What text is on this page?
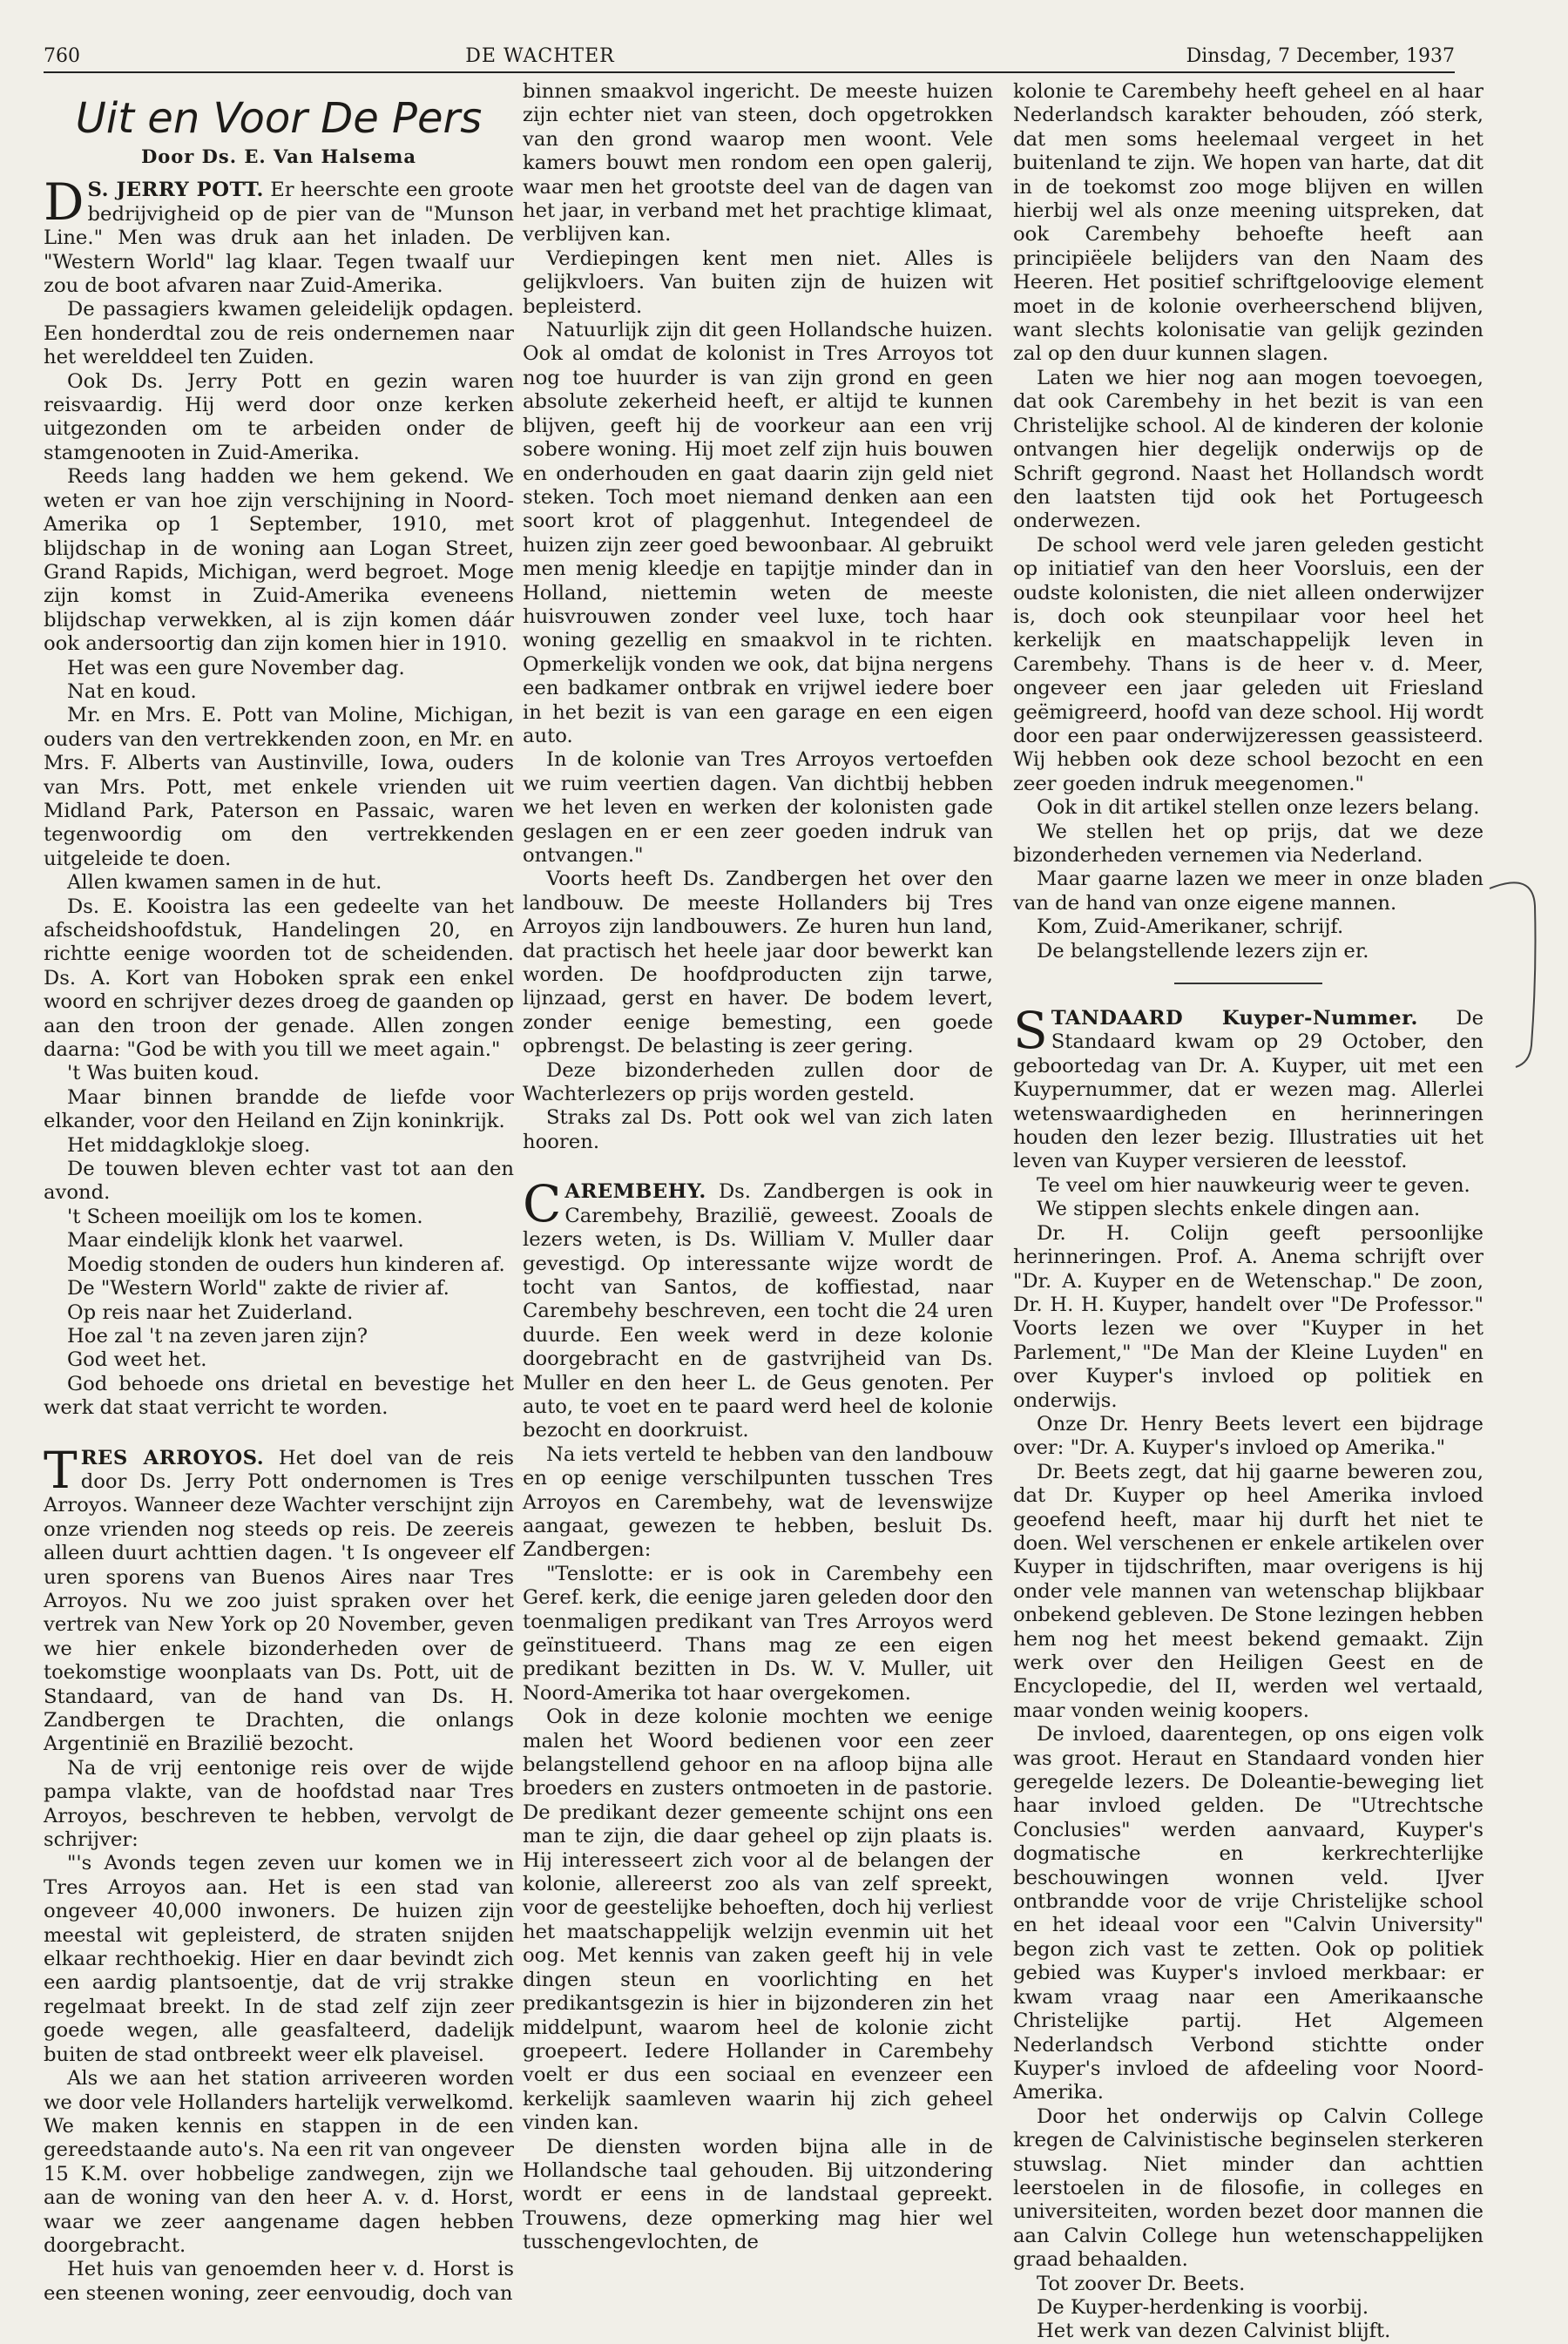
760	DE WACHTER	Dinsdag, 7 December, 1937
Uit en Voor De Pers
Door Ds. E. Van Halsema

D S. JERRY POTT. Er heerschte een groote bedrijvigheid op de pier van de "Munson Line." Men was druk aan het inladen. De "Western World" lag klaar. Tegen twaalf uur zou de boot afvaren naar Zuid-Amerika.

De passagiers kwamen geleidelijk opdagen. Een honderdtal zou de reis ondernemen naar het werelddeel ten Zuiden.

Ook Ds. Jerry Pott en gezin waren reisvaardig. Hij werd door onze kerken uitgezonden om te arbeiden onder de stamgenooten in Zuid-Amerika.

Reeds lang hadden we hem gekend. We weten er van hoe zijn verschijning in Noord-Amerika op 1 September, 1910, met blijdschap in de woning aan Logan Street, Grand Rapids, Michigan, werd begroet. Moge zijn komst in Zuid-Amerika eveneens blijdschap verwekken, al is zijn komen dáár ook andersoortig dan zijn komen hier in 1910.

Het was een gure November dag.

Nat en koud.

Mr. en Mrs. E. Pott van Moline, Michigan, ouders van den vertrekkenden zoon, en Mr. en Mrs. F. Alberts van Austinville, Iowa, ouders van Mrs. Pott, met enkele vrienden uit Midland Park, Paterson en Passaic, waren tegenwoordig om den vertrekkenden uitgeleide te doen.

Allen kwamen samen in de hut.

Ds. E. Kooistra las een gedeelte van het afscheidshoofdstuk, Handelingen 20, en richtte eenige woorden tot de scheidenden. Ds. A. Kort van Hoboken sprak een enkel woord en schrijver dezes droeg de gaanden op aan den troon der genade. Allen zongen daarna: "God be with you till we meet again."

't Was buiten koud.

Maar binnen brandde de liefde voor elkander, voor den Heiland en Zijn koninkrijk.

Het middagklokje sloeg.

De touwen bleven echter vast tot aan den avond.

't Scheen moeilijk om los te komen.

Maar eindelijk klonk het vaarwel.

Moedig stonden de ouders hun kinderen af.

De "Western World" zakte de rivier af.

Op reis naar het Zuiderland.

Hoe zal 't na zeven jaren zijn?

God weet het.

God behoede ons drietal en bevestige het werk dat staat verricht te worden.

TRES ARROYOS. Het doel van de reis door Ds. Jerry Pott ondernomen is Tres Arroyos. Wanneer deze Wachter verschijnt zijn onze vrienden nog steeds op reis. De zeereis alleen duurt achttien dagen. 't Is ongeveer elf uren sporens van Buenos Aires naar Tres Arroyos. Nu we zoo juist spraken over het vertrek van New York op 20 November, geven we hier enkele bizonderheden over de toekomstige woonplaats van Ds. Pott, uit de Standaard, van de hand van Ds. H. Zandbergen te Drachten, die onlangs Argentinië en Brazilië bezocht.

Na de vrij eentonige reis over de wijde pampa vlakte, van de hoofdstad naar Tres Arroyos, beschreven te hebben, vervolgt de schrijver:

"'s Avonds tegen zeven uur komen we in Tres Arroyos aan. Het is een stad van ongeveer 40,000 inwoners. De huizen zijn meestal wit gepleisterd, de straten snijden elkaar rechthoekig. Hier en daar bevindt zich een aardig plantsoentje, dat de vrij strakke regelmaat breekt. In de stad zelf zijn zeer goede wegen, alle geasfalteerd, dadelijk buiten de stad ontbreekt weer elk plaveisel.

Als we aan het station arriveeren worden we door vele Hollanders hartelijk verwelkomd. We maken kennis en stappen in de een gereedstaande auto's. Na een rit van ongeveer 15 K.M. over hobbelige zandwegen, zijn we aan de woning van den heer A. v. d. Horst, waar we zeer aangename dagen hebben doorgebracht.

Het huis van genoemden heer v. d. Horst is een steenen woning, zeer eenvoudig, doch van

binnen smaakvol ingericht. De meeste huizen zijn echter niet van steen, doch opgetrokken van den grond waarop men woont. Vele kamers bouwt men rondom een open galerij, waar men het grootste deel van de dagen van het jaar, in verband met het prachtige klimaat, verblijven kan.

Verdiepingen kent men niet. Alles is gelijkvloers. Van buiten zijn de huizen wit bepleisterd.

Natuurlijk zijn dit geen Hollandsche huizen. Ook al omdat de kolonist in Tres Arroyos tot nog toe huurder is van zijn grond en geen absolute zekerheid heeft, er altijd te kunnen blijven, geeft hij de voorkeur aan een vrij sobere woning. Hij moet zelf zijn huis bouwen en onderhouden en gaat daarin zijn geld niet steken. Toch moet niemand denken aan een soort krot of plaggenhut. Integendeel de huizen zijn zeer goed bewoonbaar. Al gebruikt men menig kleedje en tapijtje minder dan in Holland, niettemin weten de meeste huisvrouwen zonder veel luxe, toch haar woning gezellig en smaakvol in te richten. Opmerkelijk vonden we ook, dat bijna nergens een badkamer ontbrak en vrijwel iedere boer in het bezit is van een garage en een eigen auto.

In de kolonie van Tres Arroyos vertoefden we ruim veertien dagen. Van dichtbij hebben we het leven en werken der kolonisten gade geslagen en er een zeer goeden indruk van ontvangen."

Voorts heeft Ds. Zandbergen het over den landbouw. De meeste Hollanders bij Tres Arroyos zijn landbouwers. Ze huren hun land, dat practisch het heele jaar door bewerkt kan worden. De hoofdproducten zijn tarwe, lijnzaad, gerst en haver. De bodem levert, zonder eenige bemesting, een goede opbrengst. De belasting is zeer gering.

Deze bizonderheden zullen door de Wachterlezers op prijs worden gesteld.

Straks zal Ds. Pott ook wel van zich laten hooren.

CAREMBEHY. Ds. Zandbergen is ook in Carembehy, Brazilië, geweest. Zooals de lezers weten, is Ds. William V. Muller daar gevestigd. Op interessante wijze wordt de tocht van Santos, de koffiestad, naar Carembehy beschreven, een tocht die 24 uren duurde. Een week werd in deze kolonie doorgebracht en de gastvrijheid van Ds. Muller en den heer L. de Geus genoten. Per auto, te voet en te paard werd heel de kolonie bezocht en doorkruist.

Na iets verteld te hebben van den landbouw en op eenige verschilpunten tusschen Tres Arroyos en Carembehy, wat de levenswijze aangaat, gewezen te hebben, besluit Ds. Zandbergen:

"Tenslotte: er is ook in Carembehy een Geref. kerk, die eenige jaren geleden door den toenmaligen predikant van Tres Arroyos werd geïnstitueerd. Thans mag ze een eigen predikant bezitten in Ds. W. V. Muller, uit Noord-Amerika tot haar overgekomen.

Ook in deze kolonie mochten we eenige malen het Woord bedienen voor een zeer belangstellend gehoor en na afloop bijna alle broeders en zusters ontmoeten in de pastorie. De predikant dezer gemeente schijnt ons een man te zijn, die daar geheel op zijn plaats is. Hij interesseert zich voor al de belangen der kolonie, allereerst zoo als van zelf spreekt, voor de geestelijke behoeften, doch hij verliest het maatschappelijk welzijn evenmin uit het oog. Met kennis van zaken geeft hij in vele dingen steun en voorlichting en het predikantsgezin is hier in bijzonderen zin het middelpunt, waarom heel de kolonie zicht groepeert. Iedere Hollander in Carembehy voelt er dus een sociaal en evenzeer een kerkelijk saamleven waarin hij zich geheel vinden kan.

De diensten worden bijna alle in de Hollandsche taal gehouden. Bij uitzondering wordt er eens in de landstaal gepreekt. Trouwens, deze opmerking mag hier wel tusschengevlochten, de

kolonie te Carembehy heeft geheel en al haar Nederlandsch karakter behouden, zóó sterk, dat men soms heelemaal vergeet in het buitenland te zijn. We hopen van harte, dat dit in de toekomst zoo moge blijven en willen hierbij wel als onze meening uitspreken, dat ook Carembehy behoefte heeft aan principiëele belijders van den Naam des Heeren. Het positief schriftgeloovige element moet in de kolonie overheerschend blijven, want slechts kolonisatie van gelijk gezinden zal op den duur kunnen slagen.

Laten we hier nog aan mogen toevoegen, dat ook Carembehy in het bezit is van een Christelijke school. Al de kinderen der kolonie ontvangen hier degelijk onderwijs op de Schrift gegrond. Naast het Hollandsch wordt den laatsten tijd ook het Portugeesch onderwezen.

De school werd vele jaren geleden gesticht op initiatief van den heer Voorsluis, een der oudste kolonisten, die niet alleen onderwijzer is, doch ook steunpilaar voor heel het kerkelijk en maatschappelijk leven in Carembehy. Thans is de heer v. d. Meer, ongeveer een jaar geleden uit Friesland geëmigreerd, hoofd van deze school. Hij wordt door een paar onderwijzeressen geassisteerd. Wij hebben ook deze school bezocht en een zeer goeden indruk meegenomen."

Ook in dit artikel stellen onze lezers belang.

We stellen het op prijs, dat we deze bizonderheden vernemen via Nederland.

Maar gaarne lazen we meer in onze bladen van de hand van onze eigene mannen.

Kom, Zuid-Amerikaner, schrijf.

De belangstellende lezers zijn er.

STANDAARD Kuyper-Nummer. De Standaard kwam op 29 October, den geboortedag van Dr. A. Kuyper, uit met een Kuypernummer, dat er wezen mag. Allerlei wetenswaardigheden en herinneringen houden den lezer bezig. Illustraties uit het leven van Kuyper versieren de leesstof.

Te veel om hier nauwkeurig weer te geven.

We stippen slechts enkele dingen aan.

Dr. H. Colijn geeft persoonlijke herinneringen. Prof. A. Anema schrijft over "Dr. A. Kuyper en de Wetenschap." De zoon, Dr. H. H. Kuyper, handelt over "De Professor." Voorts lezen we over "Kuyper in het Parlement," "De Man der Kleine Luyden" en over Kuyper's invloed op politiek en onderwijs.

Onze Dr. Henry Beets levert een bijdrage over: "Dr. A. Kuyper's invloed op Amerika."

Dr. Beets zegt, dat hij gaarne beweren zou, dat Dr. Kuyper op heel Amerika invloed geoefend heeft, maar hij durft het niet te doen. Wel verschenen er enkele artikelen over Kuyper in tijdschriften, maar overigens is hij onder vele mannen van wetenschap blijkbaar onbekend gebleven. De Stone lezingen hebben hem nog het meest bekend gemaakt. Zijn werk over den Heiligen Geest en de Encyclopedie, del II, werden wel vertaald, maar vonden weinig koopers.

De invloed, daarentegen, op ons eigen volk was groot. Heraut en Standaard vonden hier geregelde lezers. De Doleantie-beweging liet haar invloed gelden. De "Utrechtsche Conclusies" werden aanvaard, Kuyper's dogmatische en kerkrechterlijke beschouwingen wonnen veld. IJver ontbrandde voor de vrije Christelijke school en het ideaal voor een "Calvin University" begon zich vast te zetten. Ook op politiek gebied was Kuyper's invloed merkbaar: er kwam vraag naar een Amerikaansche Christelijke partij. Het Algemeen Nederlandsch Verbond stichtte onder Kuyper's invloed de afdeeling voor Noord-Amerika.

Door het onderwijs op Calvin College kregen de Calvinistische beginselen sterkeren stuwslag. Niet minder dan achttien leerstoelen in de filosofie, in colleges en universiteiten, worden bezet door mannen die aan Calvin College hun wetenschappelijken graad behaalden.

Tot zoover Dr. Beets.

De Kuyper-herdenking is voorbij.

Het werk van dezen Calvinist blijft.
